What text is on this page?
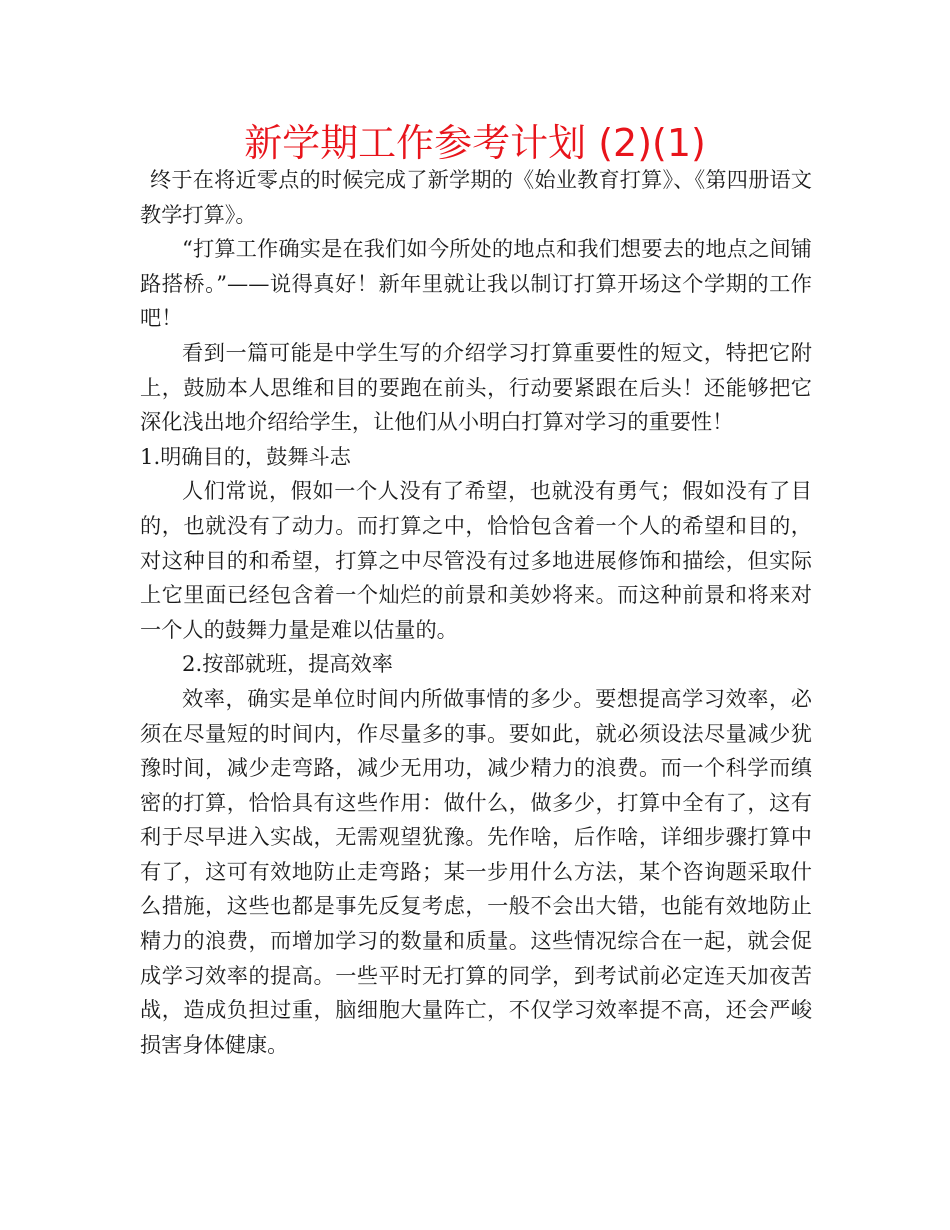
新学期工作参考计划 (2)(1)

终于在将近零点的时候完成了新学期的《始业教育打算》、《第四册语文教学打算》。

“打算工作确实是在我们如今所处的地点和我们想要去的地点之间铺路搭桥。”——说得真好！新年里就让我以制订打算开场这个学期的工作吧！

看到一篇可能是中学生写的介绍学习打算重要性的短文，特把它附上，鼓励本人思维和目的要跑在前头，行动要紧跟在后头！还能够把它深化浅出地介绍给学生，让他们从小明白打算对学习的重要性！

1.明确目的，鼓舞斗志

人们常说，假如一个人没有了希望，也就没有勇气；假如没有了目的，也就没有了动力。而打算之中，恰恰包含着一个人的希望和目的，对这种目的和希望，打算之中尽管没有过多地进展修饰和描绘，但实际上它里面已经包含着一个灿烂的前景和美妙将来。而这种前景和将来对一个人的鼓舞力量是难以估量的。

2.按部就班，提高效率

效率，确实是单位时间内所做事情的多少。要想提高学习效率，必须在尽量短的时间内，作尽量多的事。要如此，就必须设法尽量减少犹豫时间，减少走弯路，减少无用功，减少精力的浪费。而一个科学而缜密的打算，恰恰具有这些作用：做什么，做多少，打算中全有了，这有利于尽早进入实战，无需观望犹豫。先作啥，后作啥，详细步骤打算中有了，这可有效地防止走弯路；某一步用什么方法，某个咨询题采取什么措施，这些也都是事先反复考虑，一般不会出大错，也能有效地防止精力的浪费，而增加学习的数量和质量。这些情况综合在一起，就会促成学习效率的提高。一些平时无打算的同学，到考试前必定连天加夜苦战，造成负担过重，脑细胞大量阵亡，不仅学习效率提不高，还会严峻损害身体健康。
